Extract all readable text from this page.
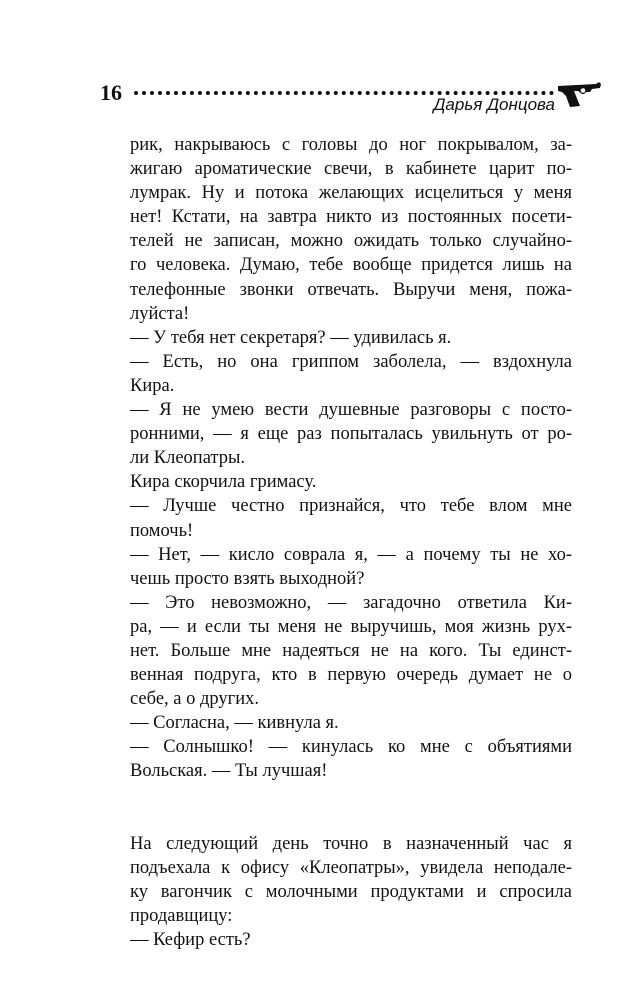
16	Дарья Донцова
рик, накрываюсь с головы до ног покрывалом, за-
жигаю ароматические свечи, в кабинете царит по-
лумрак. Ну и потока желающих исцелиться у меня
нет! Кстати, на завтра никто из постоянных посети-
телей не записан, можно ожидать только случайно-
го человека. Думаю, тебе вообще придется лишь на
телефонные звонки отвечать. Выручи меня, пожа-
луйста!
— У тебя нет секретаря? — удивилась я.
— Есть, но она гриппом заболела, — вздохнула
Кира.
— Я не умею вести душевные разговоры с посто-
ронними, — я еще раз попыталась увильнуть от ро-
ли Клеопатры.
Кира скорчила гримасу.
— Лучше честно признайся, что тебе влом мне
помочь!
— Нет, — кисло соврала я, — а почему ты не хо-
чешь просто взять выходной?
— Это невозможно, — загадочно ответила Ки-
ра, — и если ты меня не выручишь, моя жизнь рух-
нет. Больше мне надеяться не на кого. Ты единст-
венная подруга, кто в первую очередь думает не о
себе, а о других.
— Согласна, — кивнула я.
— Солнышко! — кинулась ко мне с объятиями
Вольская. — Ты лучшая!
На следующий день точно в назначенный час я
подъехала к офису «Клеопатры», увидела неподале-
ку вагончик с молочными продуктами и спросила
продавщицу:
— Кефир есть?
